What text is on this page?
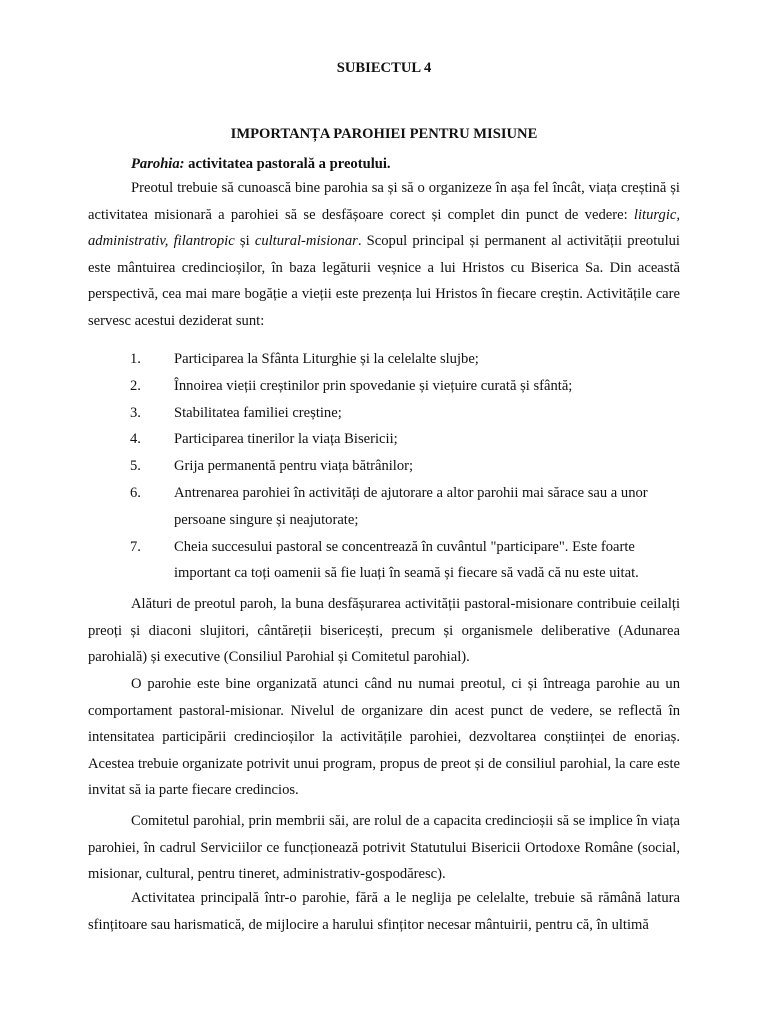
SUBIECTUL 4
IMPORTANȚA PAROHIEI PENTRU MISIUNE
Parohia: activitatea pastorală a preotului.
Preotul trebuie să cunoască bine parohia sa și să o organizeze în așa fel încât, viața creștină și activitatea misionară a parohiei să se desfășoare corect și complet din punct de vedere: liturgic, administrativ, filantropic și cultural-misionar. Scopul principal și permanent al activității preotului este mântuirea credincioșilor, în baza legăturii veșnice a lui Hristos cu Biserica Sa. Din această perspectivă, cea mai mare bogăție a vieții este prezența lui Hristos în fiecare creștin. Activitățile care servesc acestui deziderat sunt:
1. Participarea la Sfânta Liturghie și la celelalte slujbe;
2. Înnoirea vieții creștinilor prin spovedanie și viețuire curată și sfântă;
3. Stabilitatea familiei creștine;
4. Participarea tinerilor la viața Bisericii;
5. Grija permanentă pentru viața bătrânilor;
6. Antrenarea parohiei în activități de ajutorare a altor parohii mai sărace sau a unor persoane singure și neajutorate;
7. Cheia succesului pastoral se concentrează în cuvântul "participare". Este foarte important ca toți oamenii să fie luați în seamă și fiecare să vadă că nu este uitat.
Alături de preotul paroh, la buna desfășurarea activității pastoral-misionare contribuie ceilalți preoți și diaconi slujitori, cântăreții bisericești, precum și organismele deliberative (Adunarea parohială) și executive (Consiliul Parohial și Comitetul parohial).
O parohie este bine organizată atunci când nu numai preotul, ci și întreaga parohie au un comportament pastoral-misionar. Nivelul de organizare din acest punct de vedere, se reflectă în intensitatea participării credincioșilor la activitățile parohiei, dezvoltarea conștiinței de enoriaș. Acestea trebuie organizate potrivit unui program, propus de preot și de consiliul parohial, la care este invitat să ia parte fiecare credincios.
Comitetul parohial, prin membrii săi, are rolul de a capacita credincioșii să se implice în viața parohiei, în cadrul Serviciilor ce funcționează potrivit Statutului Bisericii Ortodoxe Române (social, misionar, cultural, pentru tineret, administrativ-gospodăresc).
Activitatea principală într-o parohie, fără a le neglija pe celelalte, trebuie să rămână latura sfințitoare sau harismatică, de mijlocire a harului sfințitor necesar mântuirii, pentru că, în ultimă
